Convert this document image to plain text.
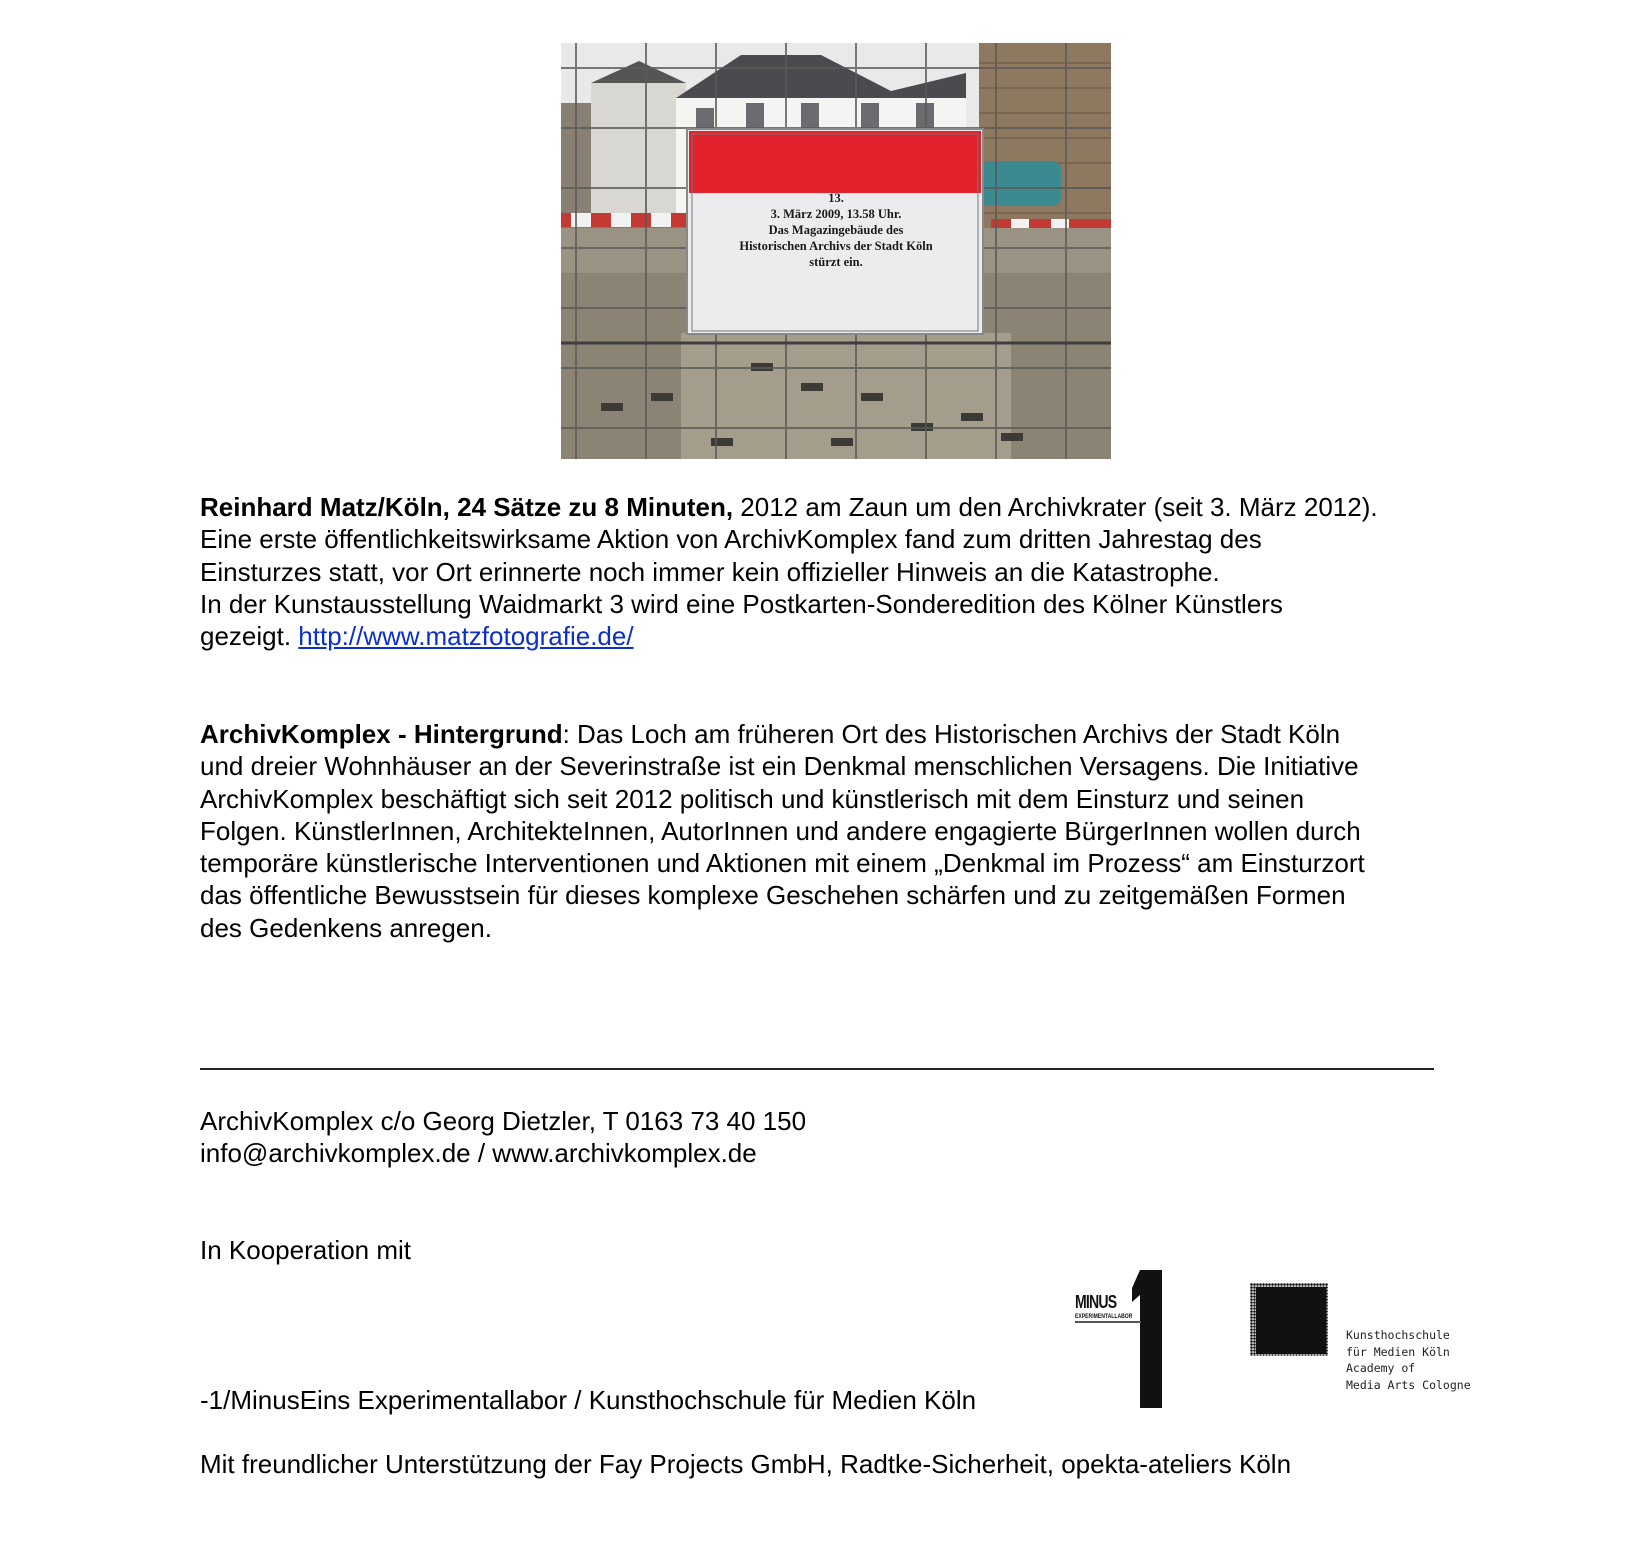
13.
3. März 2009, 13.58 Uhr.
Das Magazingebäude des
Historischen Archivs der Stadt Köln
stürzt ein.

Reinhard Matz/Köln, 24 Sätze zu 8 Minuten, 2012 am Zaun um den Archivkrater (seit 3. März 2012).

Eine erste öffentlichkeitswirksame Aktion von ArchivKomplex fand zum dritten Jahrestag des

Einsturzes statt, vor Ort erinnerte noch immer kein offizieller Hinweis an die Katastrophe.

In der Kunstausstellung Waidmarkt 3 wird eine Postkarten-Sonderedition des Kölner Künstlers

gezeigt. http://www.matzfotografie.de/

ArchivKomplex - Hintergrund: Das Loch am früheren Ort des Historischen Archivs der Stadt Köln

und dreier Wohnhäuser an der Severinstraße ist ein Denkmal menschlichen Versagens. Die Initiative

ArchivKomplex beschäftigt sich seit 2012 politisch und künstlerisch mit dem Einsturz und seinen

Folgen. KünstlerInnen, ArchitekteInnen, AutorInnen und andere engagierte BürgerInnen wollen durch

temporäre künstlerische Interventionen und Aktionen mit einem „Denkmal im Prozess“ am Einsturzort

das öffentliche Bewusstsein für dieses komplexe Geschehen schärfen und zu zeitgemäßen Formen

des Gedenkens anregen.

ArchivKomplex c/o Georg Dietzler, T 0163 73 40 150

info@archivkomplex.de / www.archivkomplex.de

In Kooperation mit

-1/MinusEins Experimentallabor / Kunsthochschule für Medien Köln

Mit freundlicher Unterstützung der Fay Projects GmbH, Radtke-Sicherheit, opekta-ateliers Köln

MINUS
EXPERIMENTALLABOR
Kunsthochschule
für Medien Köln
Academy of
Media Arts Cologne
